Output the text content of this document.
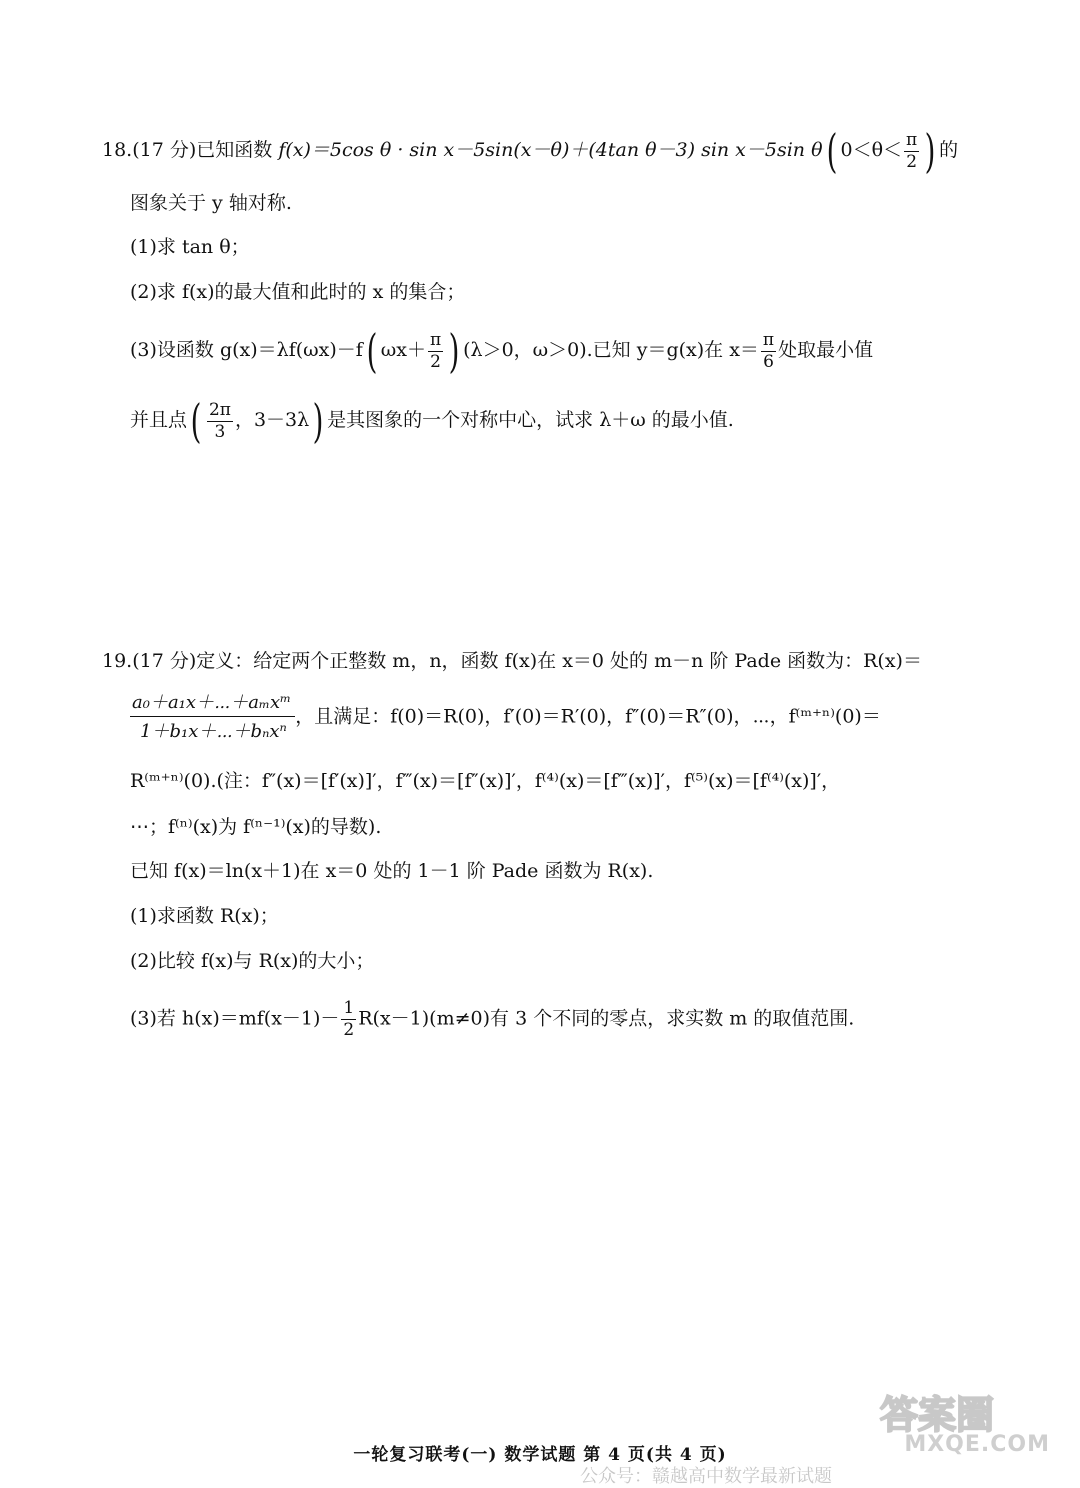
18.(17 分)已知函数 f(x)＝5cos θ · sin x－5sin(x－θ)＋(4tan θ－3) sin x－5sin θ( $0<\theta< \frac{\pi}{2}$ ) 的
图象关于 y 轴对称.
(1)求 tan θ；
(2)求 f(x)的最大值和此时的 x 的集合；
(3)设函数 g(x)＝λf(ωx)－f( $\omega x+ \frac{\pi}{2}$ ) (λ＞0，ω＞0).已知 y＝g(x)在 $x= \frac{\pi}{6}$ 处取最小值
并且点( $\frac{2\pi}{3}$ ，3－3λ) 是其图象的一个对称中心，试求 λ＋ω 的最小值.
19.(17 分)定义：给定两个正整数 m，n，函数 f(x)在 x＝0 处的 m－n 阶 Pade 函数为：R(x)＝
$\frac{\text{a₀＋a₁x＋⋯＋aₘxᵐ}}{\text{1＋b₁x＋⋯＋bₙxⁿ}}$ ，且满足：f(0)＝R(0)，f′(0)＝R′(0)，f″(0)＝R″(0)，⋯，f⁽ᵐ⁺ⁿ⁾(0)＝
R⁽ᵐ⁺ⁿ⁾(0).(注：f″(x)＝[f′(x)]′，f‴(x)＝[f″(x)]′，f⁽⁴⁾(x)＝[f‴(x)]′，f⁽⁵⁾(x)＝[f⁽⁴⁾(x)]′，
⋯；f⁽ⁿ⁾(x)为 f⁽ⁿ⁻¹⁾(x)的导数).
已知 f(x)＝ln(x＋1)在 x＝0 处的 1－1 阶 Pade 函数为 R(x).
(1)求函数 R(x)；
(2)比较 f(x)与 R(x)的大小；
(3)若 $h(x)=mf(x-1)- \frac{1}{2} R(x-1)(m\ne 0)$有 3 个不同的零点，求实数 m 的取值范围.
答案圈
MXQE.COM
一轮复习联考(一) 数学试题 第 4 页(共 4 页)
公众号：赣越高中数学最新试题
